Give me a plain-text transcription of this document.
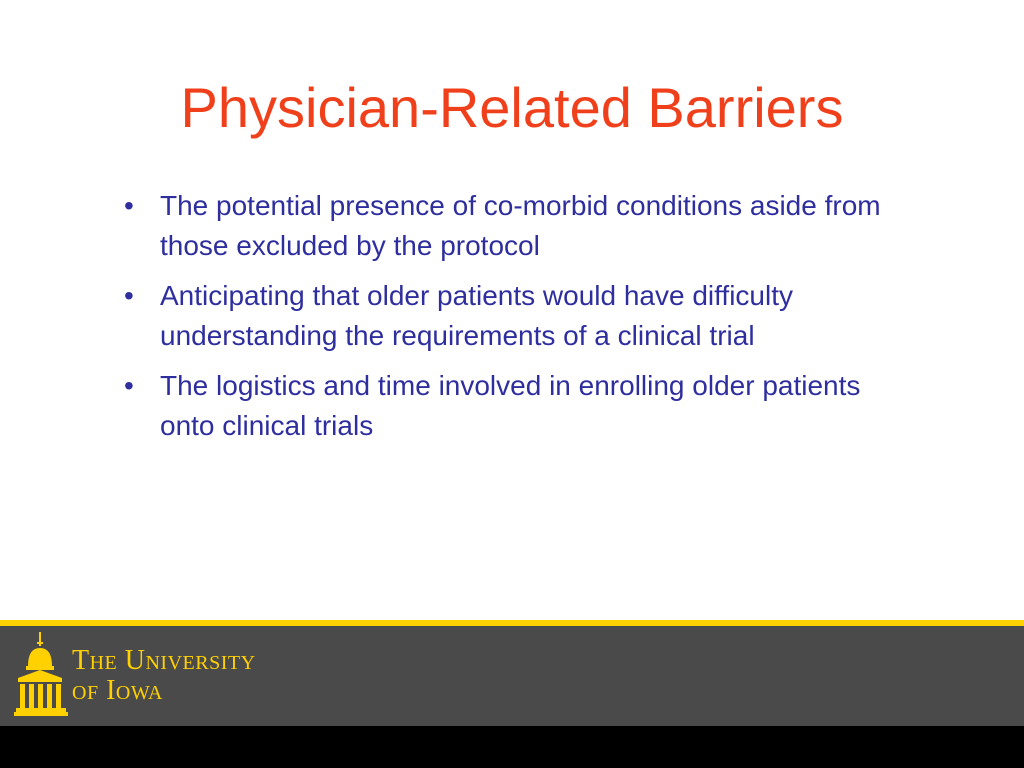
Physician-Related Barriers
• The potential presence of co-morbid conditions aside from those excluded by the protocol
• Anticipating that older patients would have difficulty understanding the requirements of a clinical trial
• The logistics and time involved in enrolling older patients onto clinical trials
The University
of Iowa
